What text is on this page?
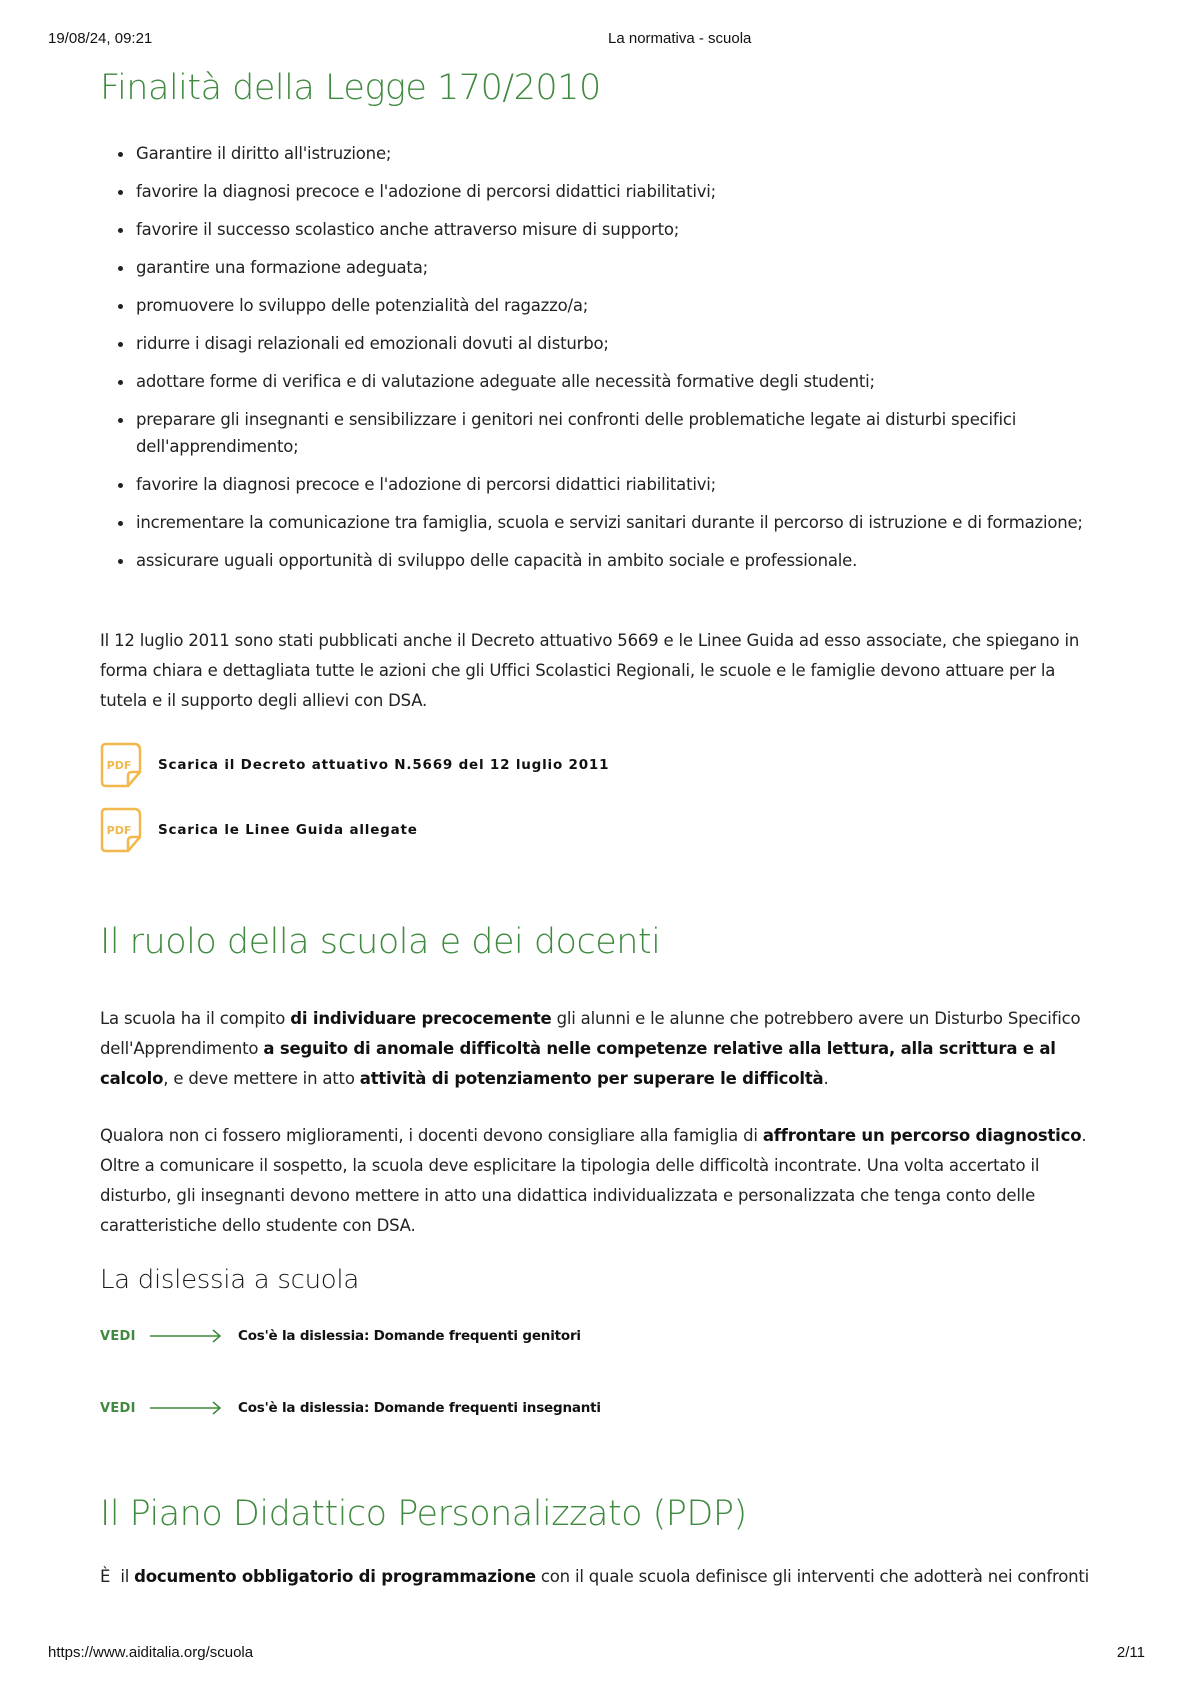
19/08/24, 09:21	La normativa - scuola
Finalità della Legge 170/2010
Garantire il diritto all'istruzione;
favorire la diagnosi precoce e l'adozione di percorsi didattici riabilitativi;
favorire il successo scolastico anche attraverso misure di supporto;
garantire una formazione adeguata;
promuovere lo sviluppo delle potenzialità del ragazzo/a;
ridurre i disagi relazionali ed emozionali dovuti al disturbo;
adottare forme di verifica e di valutazione adeguate alle necessità formative degli studenti;
preparare gli insegnanti e sensibilizzare i genitori nei confronti delle problematiche legate ai disturbi specifici dell'apprendimento;
favorire la diagnosi precoce e l'adozione di percorsi didattici riabilitativi;
incrementare la comunicazione tra famiglia, scuola e servizi sanitari durante il percorso di istruzione e di formazione;
assicurare uguali opportunità di sviluppo delle capacità in ambito sociale e professionale.

Il 12 luglio 2011 sono stati pubblicati anche il Decreto attuativo 5669 e le Linee Guida ad esso associate, che spiegano in forma chiara e dettagliata tutte le azioni che gli Uffici Scolastici Regionali, le scuole e le famiglie devono attuare per la tutela e il supporto degli allievi con DSA.

PDF Scarica il Decreto attuativo N.5669 del 12 luglio 2011
PDF Scarica le Linee Guida allegate
Il ruolo della scuola e dei docenti

La scuola ha il compito di individuare precocemente gli alunni e le alunne che potrebbero avere un Disturbo Specifico dell'Apprendimento a seguito di anomale difficoltà nelle competenze relative alla lettura, alla scrittura e al calcolo, e deve mettere in atto attività di potenziamento per superare le difficoltà.

Qualora non ci fossero miglioramenti, i docenti devono consigliare alla famiglia di affrontare un percorso diagnostico. Oltre a comunicare il sospetto, la scuola deve esplicitare la tipologia delle difficoltà incontrate. Una volta accertato il disturbo, gli insegnanti devono mettere in atto una didattica individualizzata e personalizzata che tenga conto delle caratteristiche dello studente con DSA.

La dislessia a scuola
VEDI	Cos'è la dislessia: Domande frequenti genitori
VEDI	Cos'è la dislessia: Domande frequenti insegnanti
Il Piano Didattico Personalizzato (PDP)

È  il documento obbligatorio di programmazione con il quale scuola definisce gli interventi che adotterà nei confronti

https://www.aiditalia.org/scuola	2/11
